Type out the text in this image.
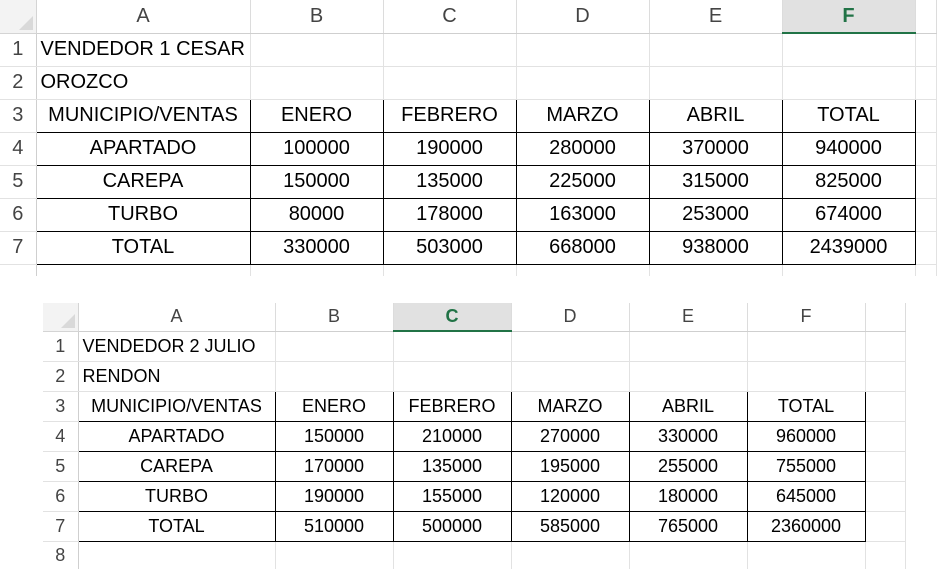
	A	B	C	D	E	F	
1	VENDEDOR 1 CESAR						
2	OROZCO						
3	MUNICIPIO/VENTAS	ENERO	FEBRERO	MARZO	ABRIL	TOTAL	
4	APARTADO	100000	190000	280000	370000	940000	
5	CAREPA	150000	135000	225000	315000	825000	
6	TURBO	80000	178000	163000	253000	674000	
7	TOTAL	330000	503000	668000	938000	2439000	

	A	B	C	D	E	F	
1	VENDEDOR 2 JULIO						
2	RENDON						
3	MUNICIPIO/VENTAS	ENERO	FEBRERO	MARZO	ABRIL	TOTAL	
4	APARTADO	150000	210000	270000	330000	960000	
5	CAREPA	170000	135000	195000	255000	755000	
6	TURBO	190000	155000	120000	180000	645000	
7	TOTAL	510000	500000	585000	765000	2360000	
8							
